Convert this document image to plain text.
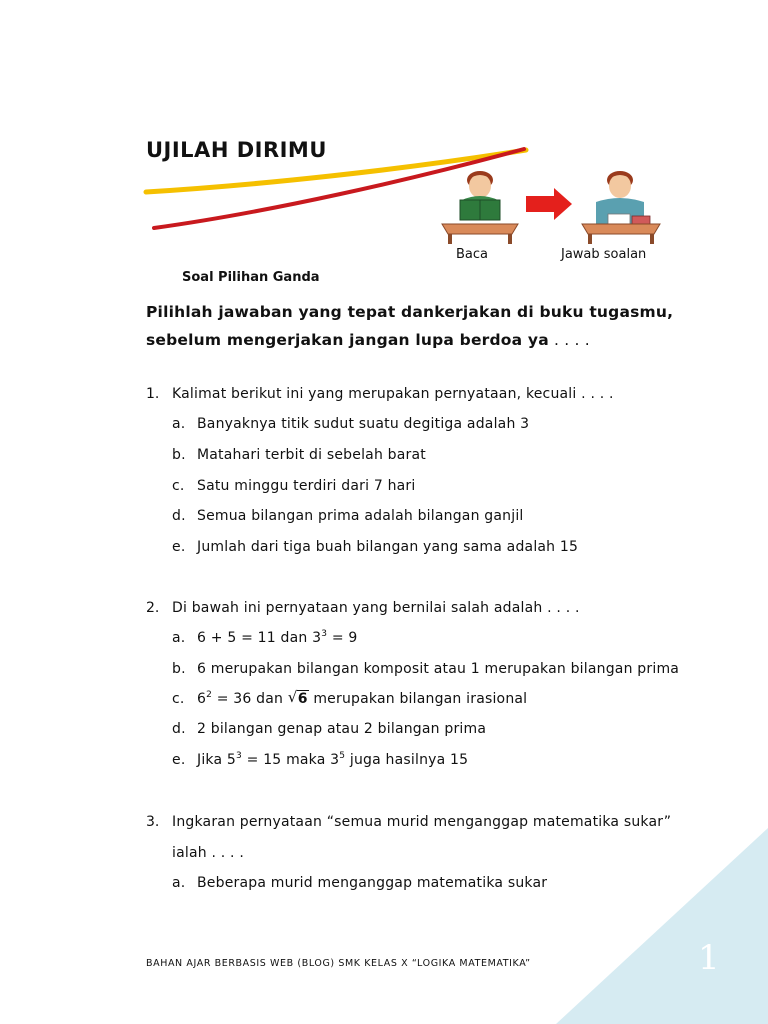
UJILAH DIRIMU
Baca	Jawab soalan
Soal Pilihan Ganda
Pilihlah jawaban yang tepat dankerjakan di buku tugasmu,
sebelum mengerjakan jangan lupa berdoa ya . . . .
1. Kalimat berikut ini yang merupakan pernyataan, kecuali . . . .
a. Banyaknya titik sudut suatu degitiga adalah 3
b. Matahari terbit di sebelah barat
c. Satu minggu terdiri dari 7 hari
d. Semua bilangan prima adalah bilangan ganjil
e. Jumlah dari tiga buah bilangan yang sama adalah 15
2. Di bawah ini pernyataan yang bernilai salah adalah . . . .
a. 6 + 5 = 11 dan $3^3 = 9$
b. 6 merupakan bilangan komposit atau 1 merupakan bilangan prima
c. $6^2 = 36$ dan √ 6 merupakan bilangan irasional
d. 2 bilangan genap atau 2 bilangan prima
e. Jika $5^3 = 15$ maka $3^5$ juga hasilnya 15
3. Ingkaran pernyataan “semua murid menganggap matematika sukar”
ialah . . . .
a. Beberapa murid menganggap matematika sukar
BAHAN AJAR BERBASIS WEB (BLOG) SMK KELAS X “LOGIKA MATEMATIKA”	1
